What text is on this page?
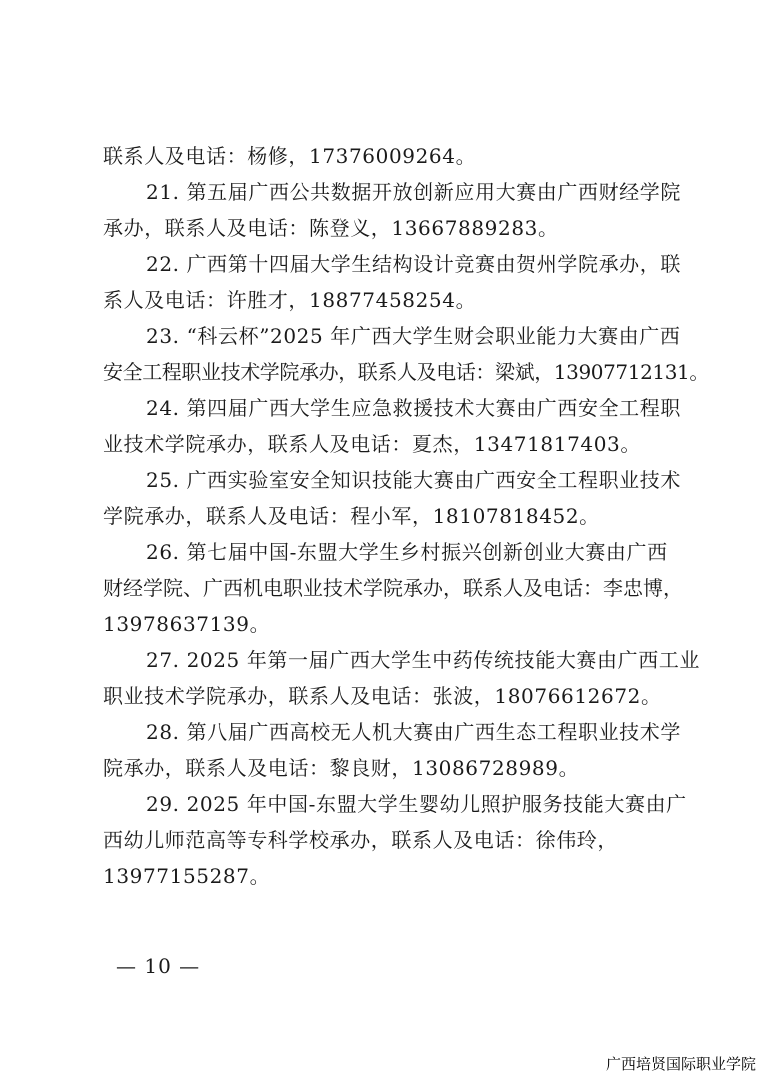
联系人及电话：杨修，17376009264。
21. 第五届广西公共数据开放创新应用大赛由广西财经学院
承办，联系人及电话：陈登义，13667889283。
22. 广西第十四届大学生结构设计竞赛由贺州学院承办，联
系人及电话：许胜才，18877458254。
23. “科云杯”2025 年广西大学生财会职业能力大赛由广西
安全工程职业技术学院承办，联系人及电话：梁斌，13907712131。
24. 第四届广西大学生应急救援技术大赛由广西安全工程职
业技术学院承办，联系人及电话：夏杰，13471817403。
25. 广西实验室安全知识技能大赛由广西安全工程职业技术
学院承办，联系人及电话：程小军，18107818452。
26. 第七届中国-东盟大学生乡村振兴创新创业大赛由广西
财经学院、广西机电职业技术学院承办，联系人及电话：李忠博，
13978637139。
27. 2025 年第一届广西大学生中药传统技能大赛由广西工业
职业技术学院承办，联系人及电话：张波，18076612672。
28. 第八届广西高校无人机大赛由广西生态工程职业技术学
院承办，联系人及电话：黎良财，13086728989。
29. 2025 年中国-东盟大学生婴幼儿照护服务技能大赛由广
西幼儿师范高等专科学校承办，联系人及电话：徐伟玲，
13977155287。
— 10 —
广西培贤国际职业学院
